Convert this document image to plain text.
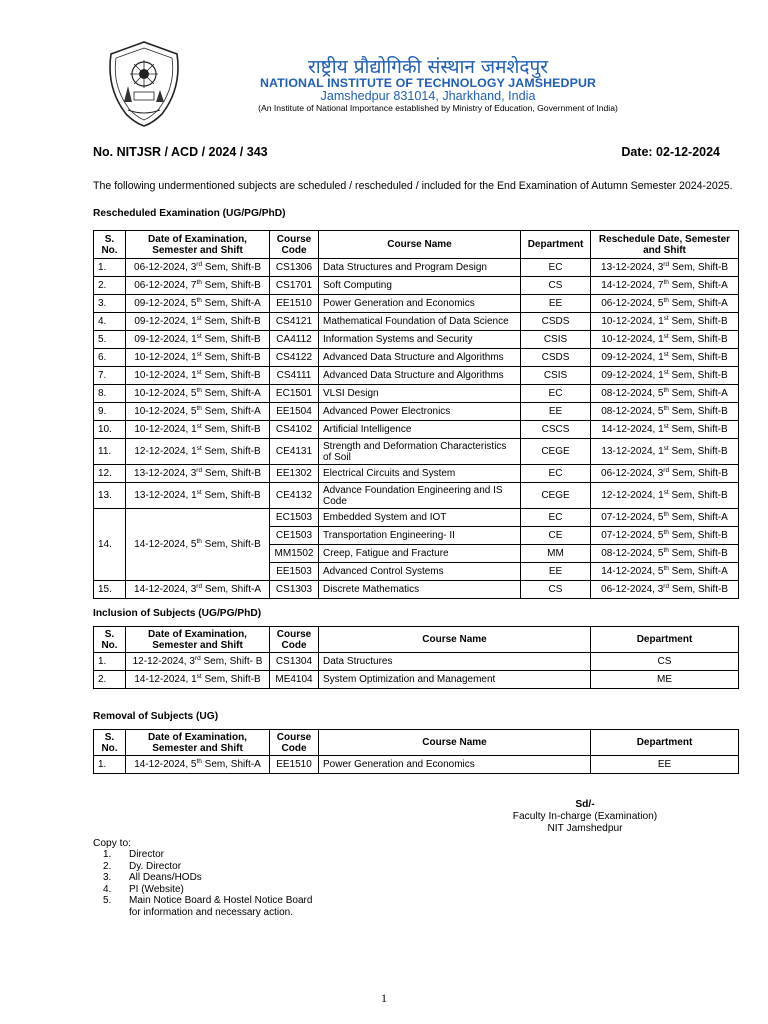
राष्ट्रीय प्रौद्योगिकी संस्थान जमशेदपुर
NATIONAL INSTITUTE OF TECHNOLOGY JAMSHEDPUR
Jamshedpur 831014, Jharkhand, India
(An Institute of National Importance established by Ministry of Education, Government of India)
No. NITJSR / ACD / 2024 / 343	Date: 02-12-2024
The following undermentioned subjects are scheduled / rescheduled / included for the End Examination of Autumn Semester 2024-2025.
Rescheduled Examination (UG/PG/PhD)
S. No.	Date of Examination, Semester and Shift	Course Code	Course Name	Department	Reschedule Date, Semester and Shift
1.	06-12-2024, 3rd Sem, Shift-B	CS1306	Data Structures and Program Design	EC	13-12-2024, 3rd Sem, Shift-B
2.	06-12-2024, 7th Sem, Shift-B	CS1701	Soft Computing	CS	14-12-2024, 7th Sem, Shift-A
3.	09-12-2024, 5th Sem, Shift-A	EE1510	Power Generation and Economics	EE	06-12-2024, 5th Sem, Shift-A
4.	09-12-2024, 1st Sem, Shift-B	CS4121	Mathematical Foundation of Data Science	CSDS	10-12-2024, 1st Sem, Shift-B
5.	09-12-2024, 1st Sem, Shift-B	CA4112	Information Systems and Security	CSIS	10-12-2024, 1st Sem, Shift-B
6.	10-12-2024, 1st Sem, Shift-B	CS4122	Advanced Data Structure and Algorithms	CSDS	09-12-2024, 1st Sem, Shift-B
7.	10-12-2024, 1st Sem, Shift-B	CS4111	Advanced Data Structure and Algorithms	CSIS	09-12-2024, 1st Sem, Shift-B
8.	10-12-2024, 5th Sem, Shift-A	EC1501	VLSI Design	EC	08-12-2024, 5th Sem, Shift-A
9.	10-12-2024, 5th Sem, Shift-A	EE1504	Advanced Power Electronics	EE	08-12-2024, 5th Sem, Shift-B
10.	10-12-2024, 1st Sem, Shift-B	CS4102	Artificial Intelligence	CSCS	14-12-2024, 1st Sem, Shift-B
11.	12-12-2024, 1st Sem, Shift-B	CE4131	Strength and Deformation Characteristics of Soil	CEGE	13-12-2024, 1st Sem, Shift-B
12.	13-12-2024, 3rd Sem, Shift-B	EE1302	Electrical Circuits and System	EC	06-12-2024, 3rd Sem, Shift-B
13.	13-12-2024, 1st Sem, Shift-B	CE4132	Advance Foundation Engineering and IS Code	CEGE	12-12-2024, 1st Sem, Shift-B
14.	14-12-2024, 5th Sem, Shift-B	EC1503	Embedded System and IOT	EC	07-12-2024, 5th Sem, Shift-A
		CE1503	Transportation Engineering- II	CE	07-12-2024, 5th Sem, Shift-B
		MM1502	Creep, Fatigue and Fracture	MM	08-12-2024, 5th Sem, Shift-B
		EE1503	Advanced Control Systems	EE	14-12-2024, 5th Sem, Shift-A
15.	14-12-2024, 3rd Sem, Shift-A	CS1303	Discrete Mathematics	CS	06-12-2024, 3rd Sem, Shift-B
Inclusion of Subjects (UG/PG/PhD)
S. No.	Date of Examination, Semester and Shift	Course Code	Course Name	Department
1.	12-12-2024, 3rd Sem, Shift- B	CS1304	Data Structures	CS
2.	14-12-2024, 1st Sem, Shift-B	ME4104	System Optimization and Management	ME
Removal of Subjects (UG)
S. No.	Date of Examination, Semester and Shift	Course Code	Course Name	Department
1.	14-12-2024, 5th Sem, Shift-A	EE1510	Power Generation and Economics	EE
Sd/-
Faculty In-charge (Examination)
NIT Jamshedpur
Copy to:
1.	Director
2.	Dy. Director
3.	All Deans/HODs
4.	PI (Website)
5.	Main Notice Board & Hostel Notice Board
for information and necessary action.
1
